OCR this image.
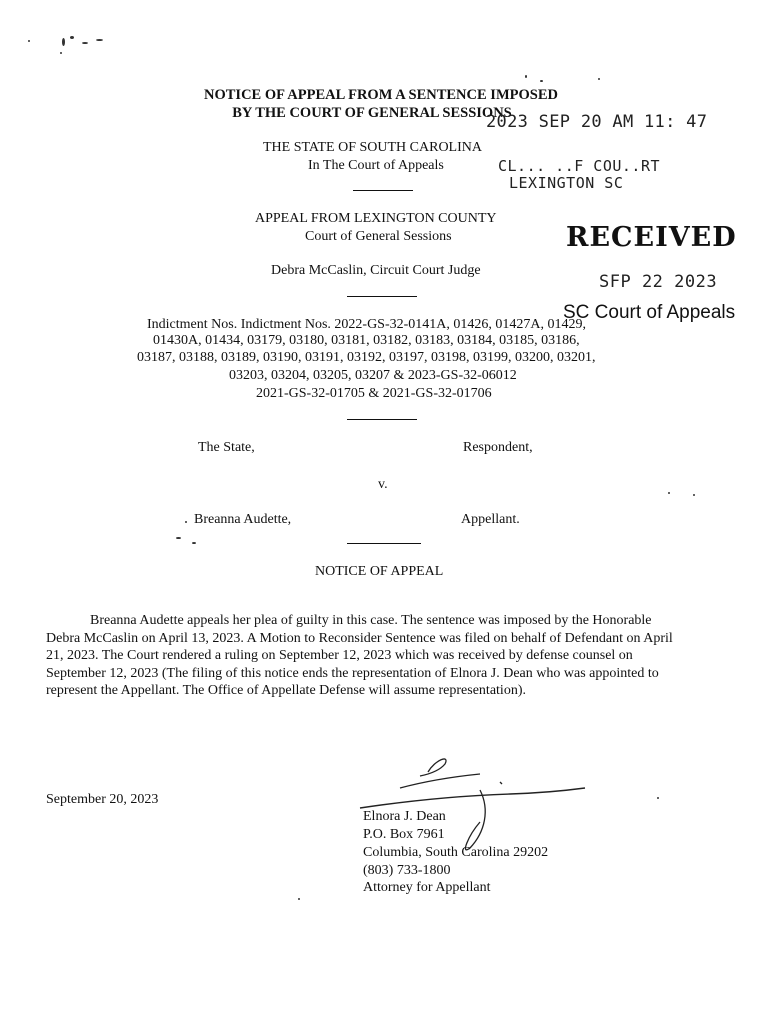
NOTICE OF APPEAL FROM A SENTENCE IMPOSED
BY THE COURT OF GENERAL SESSIONS
2023 SEP 20 AM 11: 47
CL... ..F COU..RT
LEXINGTON SC
THE STATE OF SOUTH CAROLINA
In The Court of Appeals
APPEAL FROM LEXINGTON COUNTY
Court of General Sessions
Debra McCaslin, Circuit Court Judge
RECEIVED
SFP 22 2023
SC Court of Appeals
Indictment Nos. Indictment Nos. 2022-GS-32-0141A, 01426, 01427A, 01429,
01430A, 01434, 03179, 03180, 03181, 03182, 03183, 03184, 03185, 03186,
03187, 03188, 03189, 03190, 03191, 03192, 03197, 03198, 03199, 03200, 03201,
03203, 03204, 03205, 03207 & 2023-GS-32-06012
2021-GS-32-01705 & 2021-GS-32-01706
The State,	Respondent,
v.
Breanna Audette,	Appellant.
NOTICE OF APPEAL
Breanna Audette appeals her plea of guilty in this case. The sentence was imposed by the Honorable
Debra McCaslin on April 13, 2023. A Motion to Reconsider Sentence was filed on behalf of Defendant on April
21, 2023. The Court rendered a ruling on September 12, 2023 which was received by defense counsel on
September 12, 2023 (The filing of this notice ends the representation of Elnora J. Dean who was appointed to
represent the Appellant. The Office of Appellate Defense will assume representation).
September 20, 2023
Elnora J. Dean
P.O. Box 7961
Columbia, South Carolina 29202
(803) 733-1800
Attorney for Appellant
